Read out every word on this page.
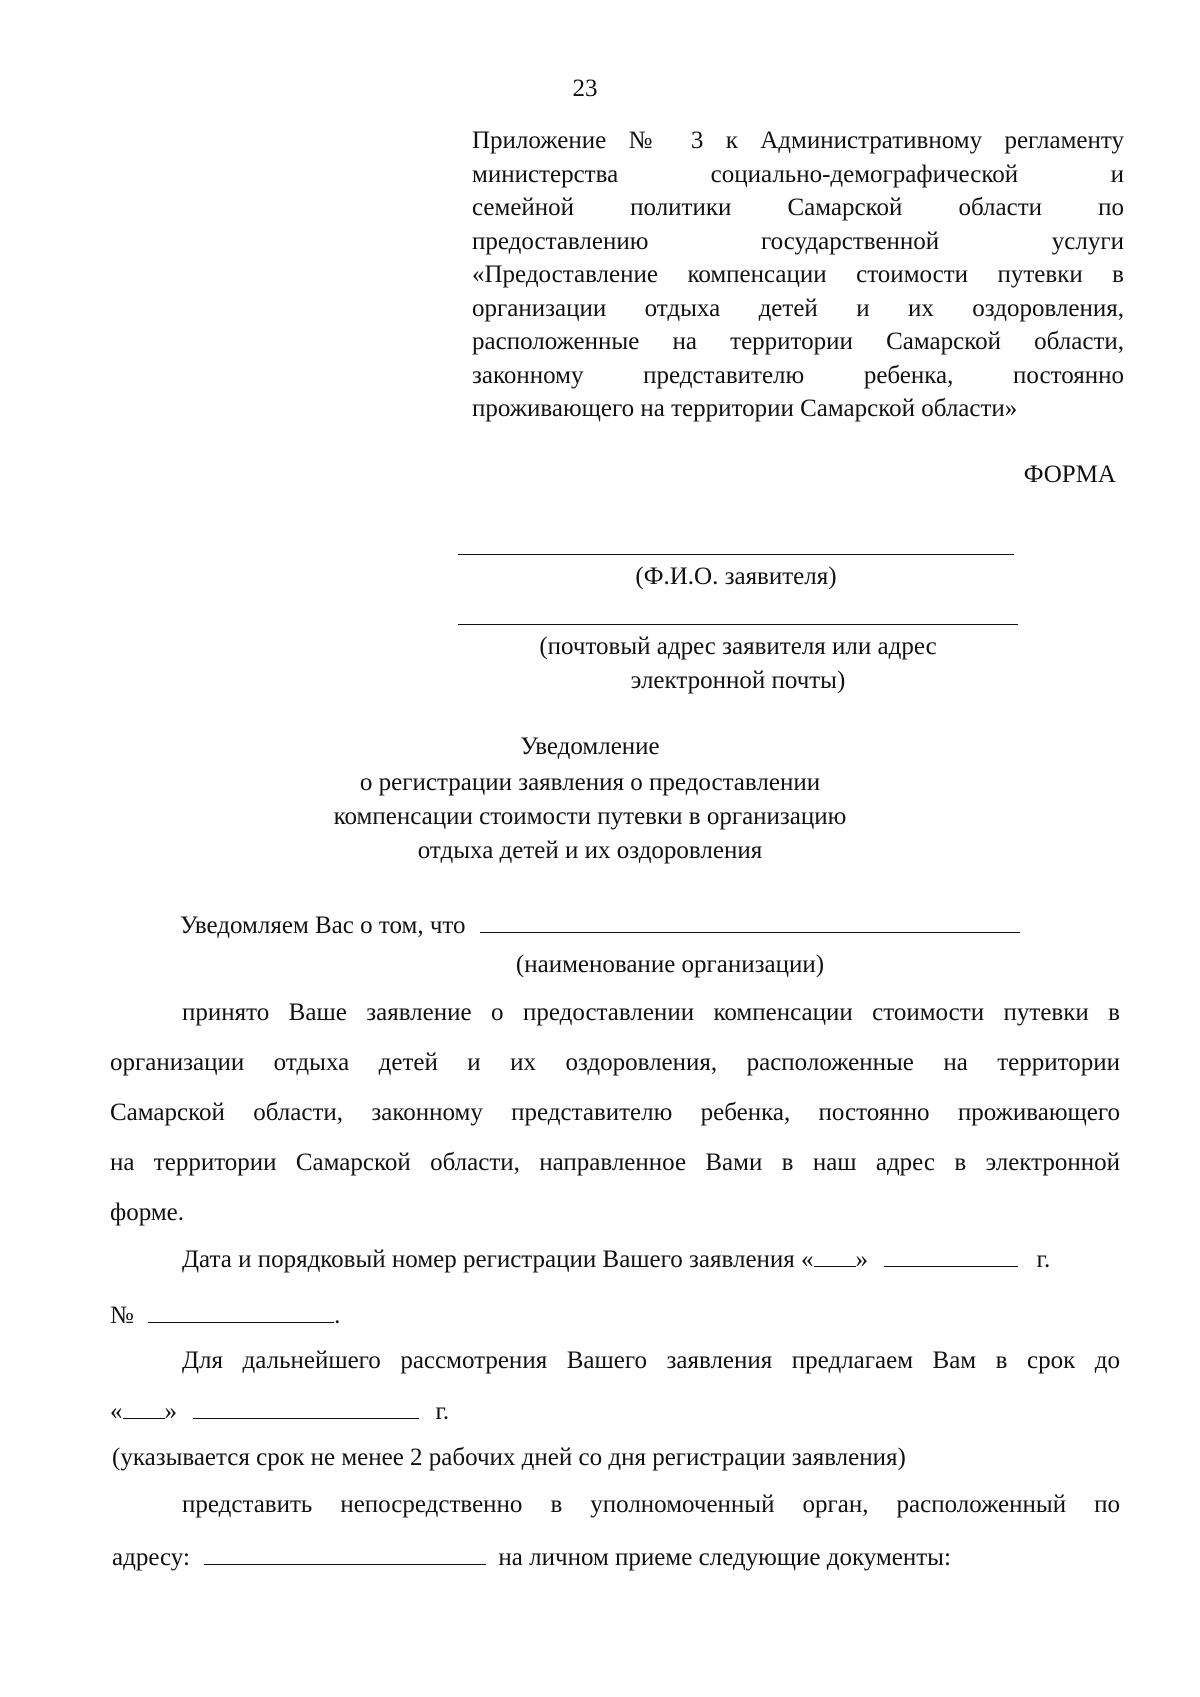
23
Приложение № 3 к Административному регламенту
министерства социально-демографической и
семейной политики Самарской области по
предоставлению государственной услуги
«Предоставление компенсации стоимости путевки в
организации отдыха детей и их оздоровления,
расположенные на территории Самарской области,
законному представителю ребенка, постоянно
проживающего на территории Самарской области»
ФОРМА
(Ф.И.О. заявителя)
(почтовый адрес заявителя или адрес
электронной почты)
Уведомление
о регистрации заявления о предоставлении
компенсации стоимости путевки в организацию
отдыха детей и их оздоровления
Уведомляем Вас о том, что
(наименование организации)
принято Ваше заявление о предоставлении компенсации стоимости путевки в
организации отдыха детей и их оздоровления, расположенные на территории
Самарской области, законному представителю ребенка, постоянно проживающего
на территории Самарской области, направленное Вами в наш адрес в электронной
форме.
Дата и порядковый номер регистрации Вашего заявления « »	г.
№	.
Для дальнейшего рассмотрения Вашего заявления предлагаем Вам в срок до
« »	г.
(указывается срок не менее 2 рабочих дней со дня регистрации заявления)
представить непосредственно в уполномоченный орган, расположенный по
адресу:	на личном приеме следующие документы:
